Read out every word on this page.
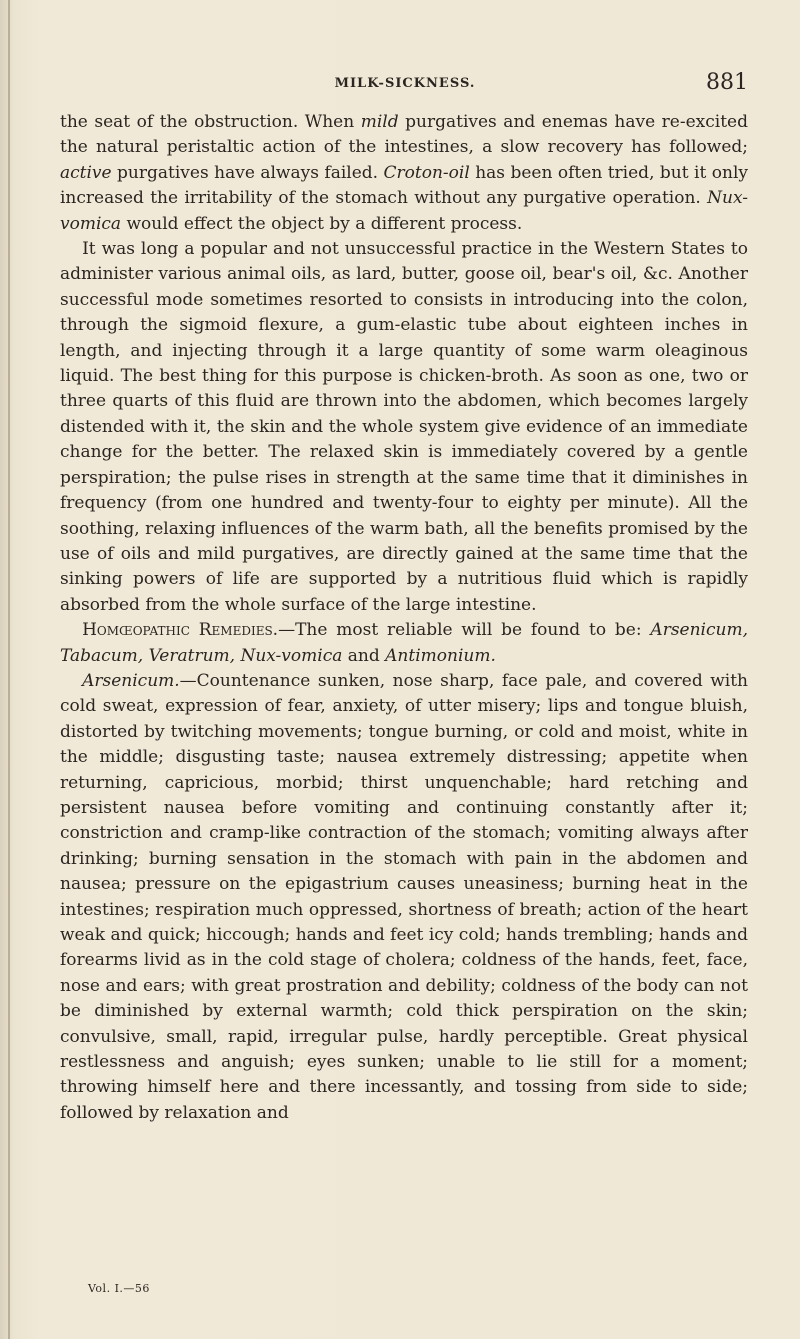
MILK-SICKNESS.	881

the seat of the obstruction. When mild purgatives and enemas have re-excited the natural peristaltic action of the intestines, a slow recovery has followed; active purgatives have always failed. Croton-oil has been often tried, but it only increased the irritability of the stomach without any purgative operation. Nux-vomica would effect the object by a different process.

It was long a popular and not unsuccessful practice in the Western States to administer various animal oils, as lard, butter, goose oil, bear's oil, &c. Another successful mode sometimes resorted to consists in introducing into the colon, through the sigmoid flexure, a gum-elastic tube about eighteen inches in length, and injecting through it a large quantity of some warm oleaginous liquid. The best thing for this purpose is chicken-broth. As soon as one, two or three quarts of this fluid are thrown into the abdomen, which becomes largely distended with it, the skin and the whole system give evidence of an immediate change for the better. The relaxed skin is immediately covered by a gentle perspiration; the pulse rises in strength at the same time that it diminishes in frequency (from one hundred and twenty-four to eighty per minute). All the soothing, relaxing influences of the warm bath, all the benefits promised by the use of oils and mild purgatives, are directly gained at the same time that the sinking powers of life are supported by a nutritious fluid which is rapidly absorbed from the whole surface of the large intestine.

Homœopathic Remedies.—The most reliable will be found to be: Arsenicum, Tabacum, Veratrum, Nux-vomica and Antimonium.

Arsenicum.—Countenance sunken, nose sharp, face pale, and covered with cold sweat, expression of fear, anxiety, of utter misery; lips and tongue bluish, distorted by twitching movements; tongue burning, or cold and moist, white in the middle; disgusting taste; nausea extremely distressing; appetite when returning, capricious, morbid; thirst unquenchable; hard retching and persistent nausea before vomiting and continuing constantly after it; constriction and cramp-like contraction of the stomach; vomiting always after drinking; burning sensation in the stomach with pain in the abdomen and nausea; pressure on the epigastrium causes uneasiness; burning heat in the intestines; respiration much oppressed, shortness of breath; action of the heart weak and quick; hiccough; hands and feet icy cold; hands trembling; hands and forearms livid as in the cold stage of cholera; coldness of the hands, feet, face, nose and ears; with great prostration and debility; coldness of the body can not be diminished by external warmth; cold thick perspiration on the skin; convulsive, small, rapid, irregular pulse, hardly perceptible. Great physical restlessness and anguish; eyes sunken; unable to lie still for a moment; throwing himself here and there incessantly, and tossing from side to side; followed by relaxation and

Vol. I.—56
